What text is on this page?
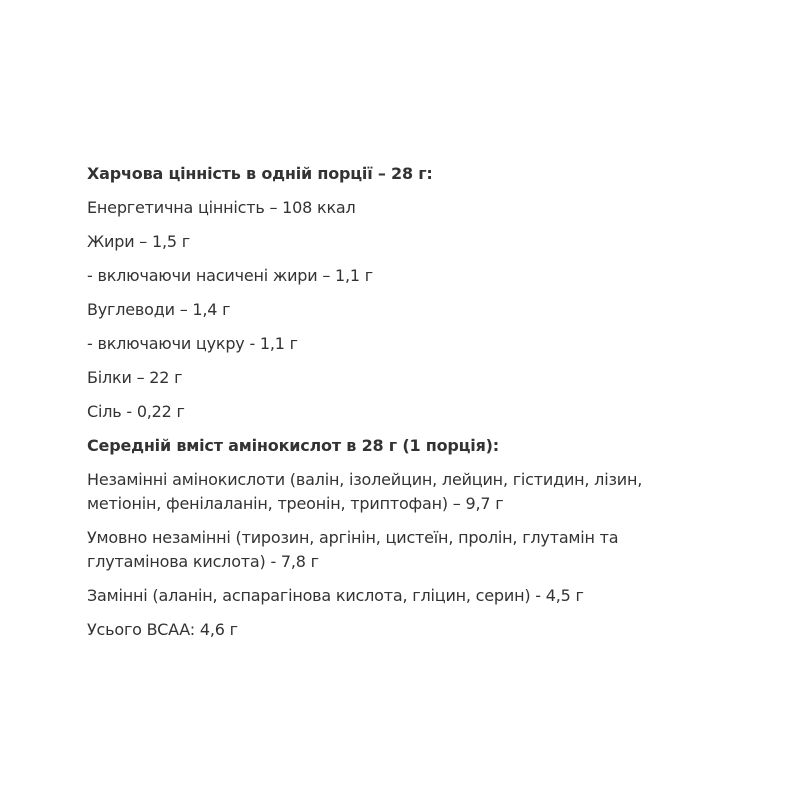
Харчова цінність в одній порції – 28 г:
Енергетична цінність – 108 ккал
Жири – 1,5 г
- включаючи насичені жири – 1,1 г
Вуглеводи – 1,4 г
- включаючи цукру - 1,1 г
Білки – 22 г
Сіль - 0,22 г
Середній вміст амінокислот в 28 г (1 порція):
Незамінні амінокислоти (валін, ізолейцин, лейцин, гістидин, лізин, метіонін, фенілаланін, треонін, триптофан) – 9,7 г
Умовно незамінні (тирозин, аргінін, цистеїн, пролін, глутамін та глутамінова кислота) - 7,8 г
Замінні (аланін, аспарагінова кислота, гліцин, серин) - 4,5 г
Усього BCAA: 4,6 г
